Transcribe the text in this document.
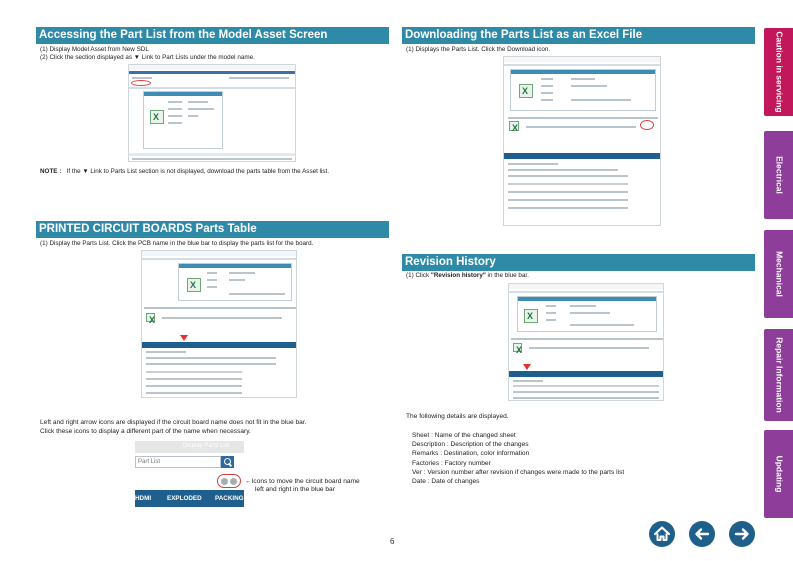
Accessing the Part List from the Model Asset Screen
(1) Display Model Asset from New SDL
(2) Click the section displayed as ▼ Link to Part Lists under the model name.
X
NOTE : If the ▼ Link to Parts List section is not displayed, download the parts table from the Asset list.
Downloading the Parts List as an Excel File
(1) Displays the Parts List. Click the Download icon.
X
X
PRINTED CIRCUIT BOARDS Parts Table
(1) Display the Parts List. Click the PCB name in the blue bar to display the parts list for the board.
X
X
Left and right arrow icons are displayed if the circuit board name does not fit in the blue bar.
Click these icons to display a different part of the name when necessary.
Display Parts List
Part List
HDMI	EXPLODED PACKING
←Icons to move the circuit board name
left and right in the blue bar
Revision History
(1) Click "Revision history" in the blue bar.
X
X
The following details are displayed.
Sheet : Name of the changed sheet
Description : Description of the changes
Remarks : Destination, color information
Factories : Factory number
Ver : Version number after revision if changes were made to the parts list
Date : Date of changes
Caution in servicing
Electrical
Mechanical
Repair Information
Updating
6
